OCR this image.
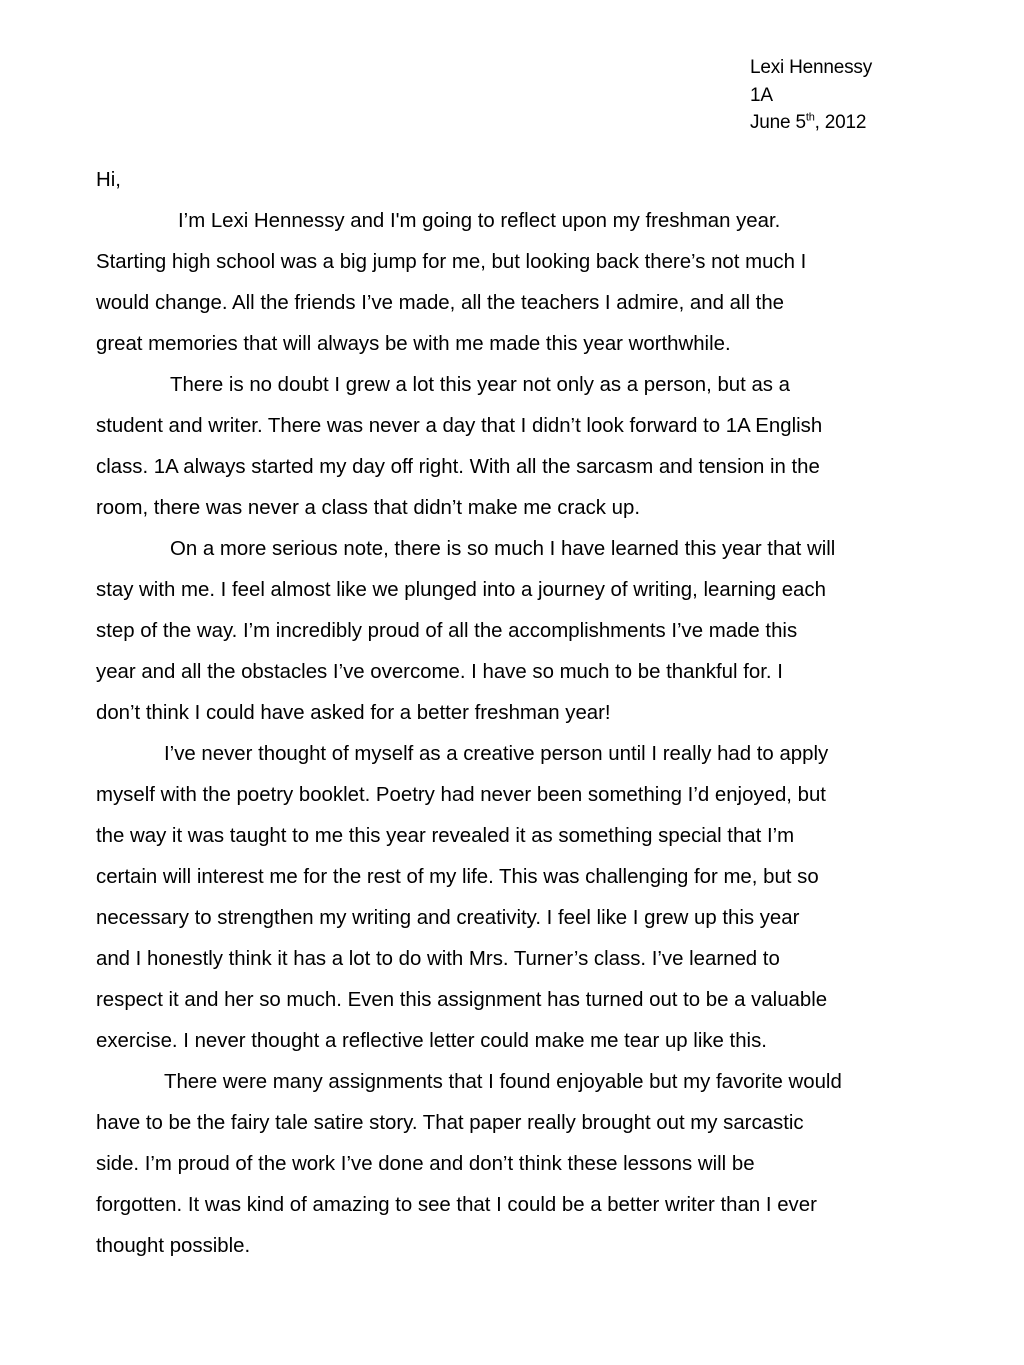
Lexi Hennessy
1A
June 5th, 2012

Hi,

I’m Lexi Hennessy and I'm going to reflect upon my freshman year.

Starting high school was a big jump for me, but looking back there’s not much I

would change. All the friends I’ve made, all the teachers I admire, and all the

great memories that will always be with me made this year worthwhile.

There is no doubt I grew a lot this year not only as a person, but as a

student and writer. There was never a day that I didn’t look forward to 1A English

class. 1A always started my day off right. With all the sarcasm and tension in the

room, there was never a class that didn’t make me crack up.

On a more serious note, there is so much I have learned this year that will

stay with me. I feel almost like we plunged into a journey of writing, learning each

step of the way. I’m incredibly proud of all the accomplishments I’ve made this

year and all the obstacles I’ve overcome. I have so much to be thankful for. I

don’t think I could have asked for a better freshman year!

I’ve never thought of myself as a creative person until I really had to apply

myself with the poetry booklet. Poetry had never been something I’d enjoyed, but

the way it was taught to me this year revealed it as something special that I’m

certain will interest me for the rest of my life. This was challenging for me, but so

necessary to strengthen my writing and creativity. I feel like I grew up this year

and I honestly think it has a lot to do with Mrs. Turner’s class. I’ve learned to

respect it and her so much. Even this assignment has turned out to be a valuable

exercise. I never thought a reflective letter could make me tear up like this.

There were many assignments that I found enjoyable but my favorite would

have to be the fairy tale satire story. That paper really brought out my sarcastic

side. I’m proud of the work I’ve done and don’t think these lessons will be

forgotten. It was kind of amazing to see that I could be a better writer than I ever

thought possible.
